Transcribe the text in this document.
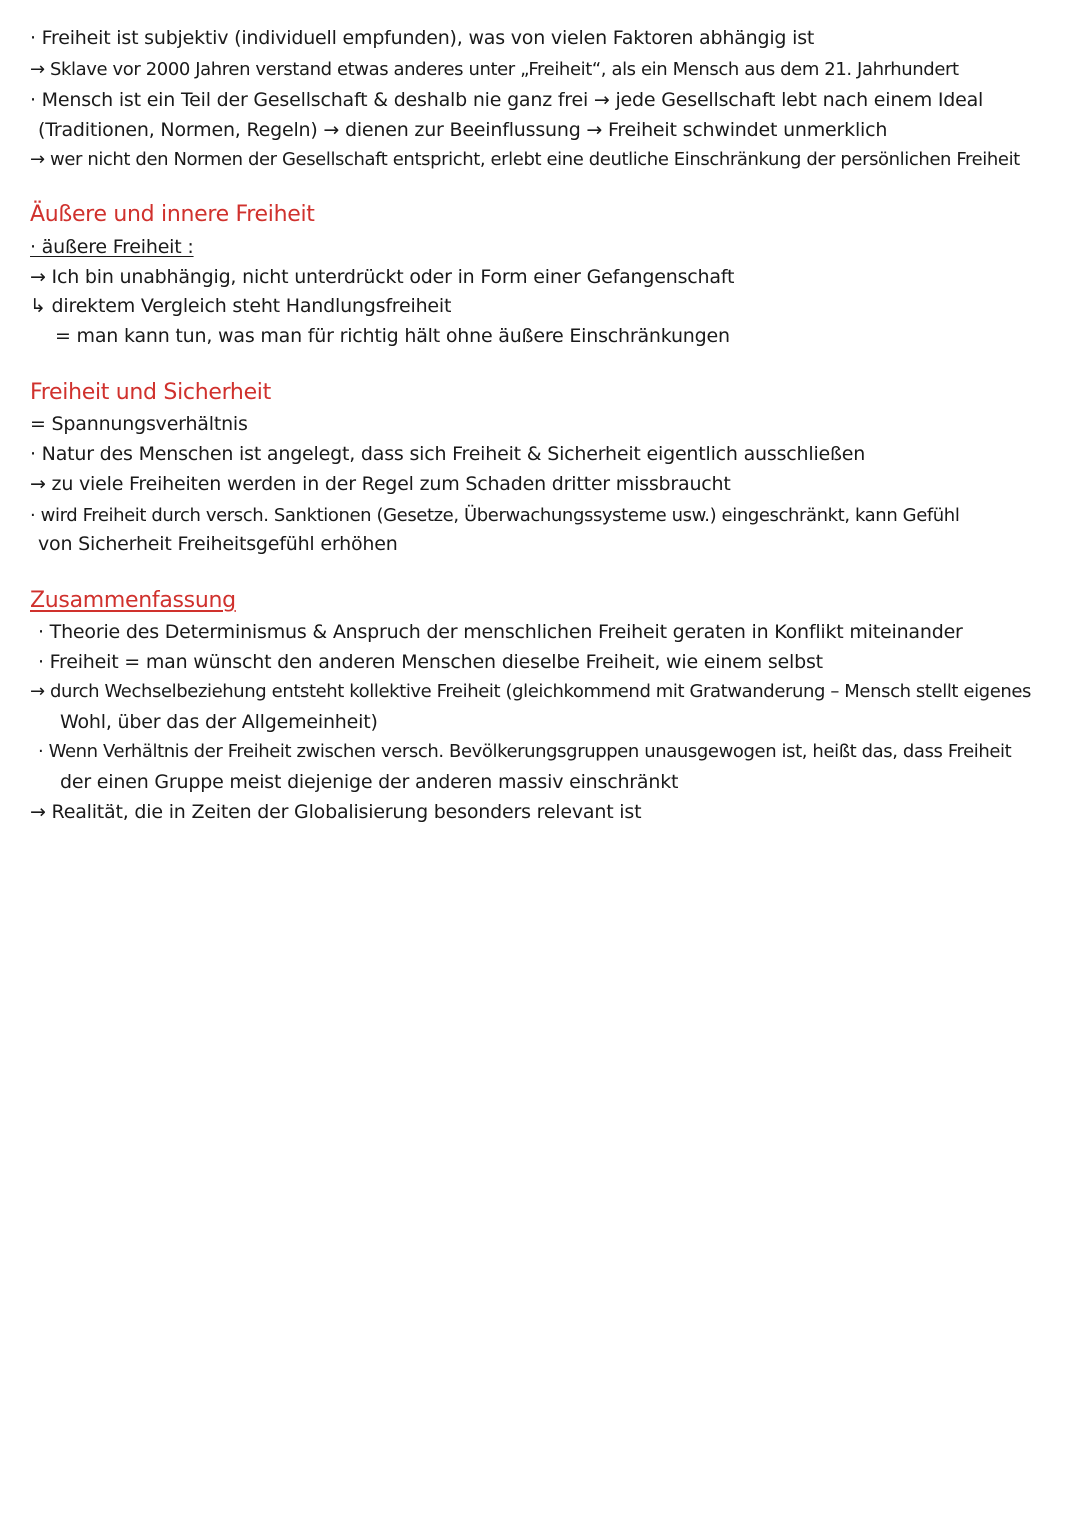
· Freiheit ist subjektiv (individuell empfunden), was von vielen Faktoren abhängig ist
→ Sklave vor 2000 Jahren verstand etwas anderes unter „Freiheit“, als ein Mensch aus dem 21. Jahrhundert
· Mensch ist ein Teil der Gesellschaft & deshalb nie ganz frei → jede Gesellschaft lebt nach einem Ideal
(Traditionen, Normen, Regeln) → dienen zur Beeinflussung → Freiheit schwindet unmerklich
→ wer nicht den Normen der Gesellschaft entspricht, erlebt eine deutliche Einschränkung der persönlichen Freiheit
Äußere und innere Freiheit
· äußere Freiheit :
→ Ich bin unabhängig, nicht unterdrückt oder in Form einer Gefangenschaft
↳ direktem Vergleich steht Handlungsfreiheit
= man kann tun, was man für richtig hält ohne äußere Einschränkungen
Freiheit und Sicherheit
= Spannungsverhältnis
· Natur des Menschen ist angelegt, dass sich Freiheit & Sicherheit eigentlich ausschließen
→ zu viele Freiheiten werden in der Regel zum Schaden dritter missbraucht
· wird Freiheit durch versch. Sanktionen (Gesetze, Überwachungssysteme usw.) eingeschränkt, kann Gefühl
von Sicherheit Freiheitsgefühl erhöhen
Zusammenfassung
· Theorie des Determinismus & Anspruch der menschlichen Freiheit geraten in Konflikt miteinander
· Freiheit = man wünscht den anderen Menschen dieselbe Freiheit, wie einem selbst
→ durch Wechselbeziehung entsteht kollektive Freiheit (gleichkommend mit Gratwanderung – Mensch stellt eigenes
Wohl, über das der Allgemeinheit)
· Wenn Verhältnis der Freiheit zwischen versch. Bevölkerungsgruppen unausgewogen ist, heißt das, dass Freiheit
der einen Gruppe meist diejenige der anderen massiv einschränkt
→ Realität, die in Zeiten der Globalisierung besonders relevant ist
